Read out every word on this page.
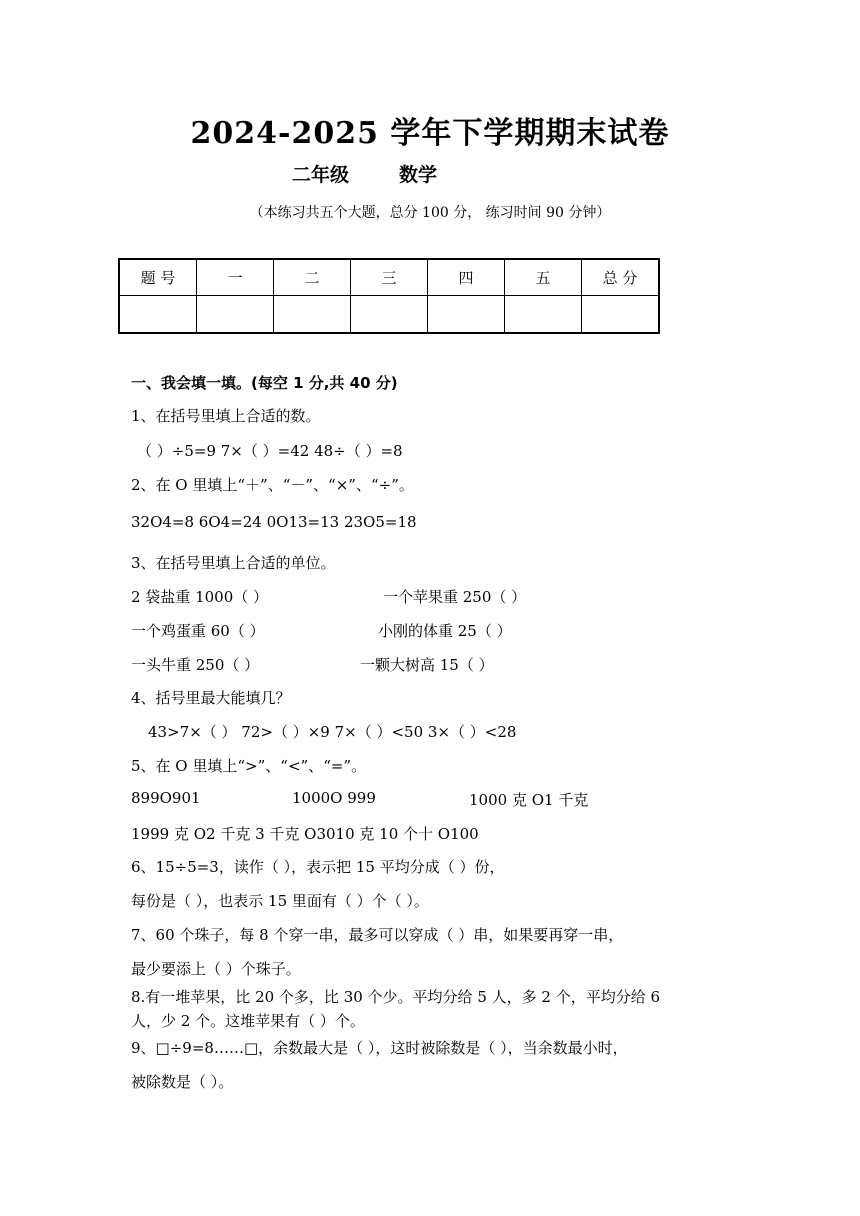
2024-2025 学年下学期期末试卷
二年级	数学
（本练习共五个大题，总分 100 分， 练习时间 90 分钟）
题 号	一	二	三	四	五	总 分

一、我会填一填。(每空 1 分,共 40 分)
1、在括号里填上合适的数。
（ ）÷5=9 7×（ ）=42 48÷（ ）=8
2、在 O 里填上“＋”、“－”、“×”、“÷”。
32O4=8 6O4=24 0O13=13 23O5=18
3、在括号里填上合适的单位。
2 袋盐重 1000（ ）	一个苹果重 250（ ）
一个鸡蛋重 60（ ）	小刚的体重 25（ ）
一头牛重 250（ ）	一颗大树高 15（ ）
4、括号里最大能填几？
43>7×（ ） 72>（ ）×9 7×（ ）<50 3×（ ）<28
5、在 O 里填上“>”、“<”、“=”。
899O901	1000O 999	1000 克 O1 千克
1999 克 O2 千克 3 千克 O3010 克 10 个十 O100
6、15÷5=3，读作（ ），表示把 15 平均分成（ ）份，
每份是（ ），也表示 15 里面有（ ）个（ ）。
7、60 个珠子，每 8 个穿一串，最多可以穿成（ ）串，如果要再穿一串，
最少要添上（ ）个珠子。
8.有一堆苹果，比 20 个多，比 30 个少。平均分给 5 人，多 2 个，平均分给 6
人，少 2 个。这堆苹果有（ ）个。
9、□÷9=8……□，余数最大是（ ），这时被除数是（ ），当余数最小时，
被除数是（ ）。
